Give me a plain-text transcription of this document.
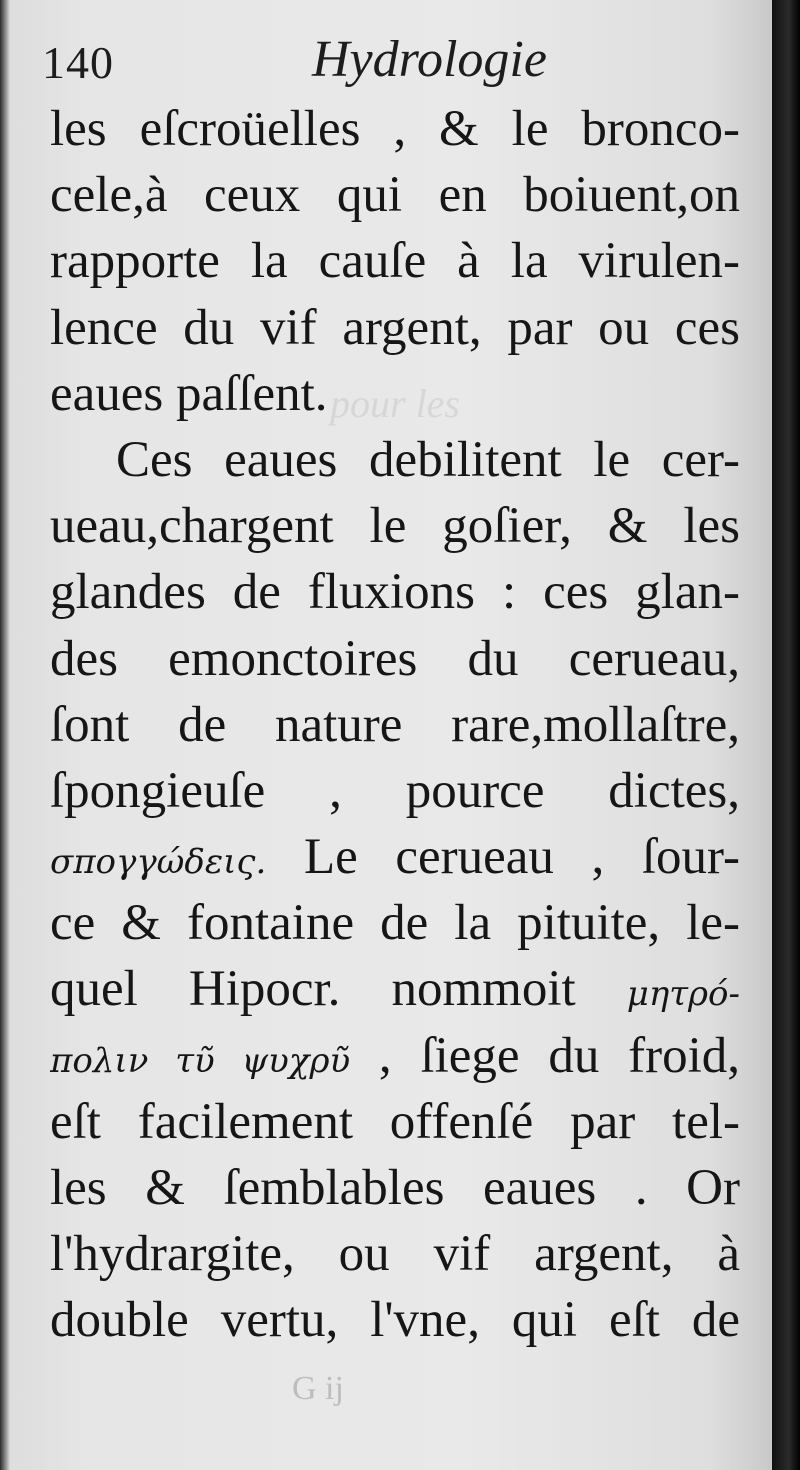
pour les
140	Hydrologie
les eſcroüelles , & le bronco-
cele,à ceux qui en boiuent,on
rapporte la cauſe à la virulen-
lence du vif argent, par ou ces
eaues paſſent.
Ces eaues debilitent le cer-
ueau,chargent le goſier, & les
glandes de fluxions : ces glan-
des emonctoires du cerueau,
ſont de nature rare,mollaſtre,
ſpongieuſe , pource dictes,
σπογγώδεις. Le cerueau , ſour-
ce & fontaine de la pituite, le-
quel Hipocr. nommoit μητρό-
πολιν τῦ ψυχρῦ , ſiege du froid,
eſt facilement offenſé par tel-
les & ſemblables eaues . Or
l'hydrargite, ou vif argent, à
double vertu, l'vne, qui eſt de
G ij
